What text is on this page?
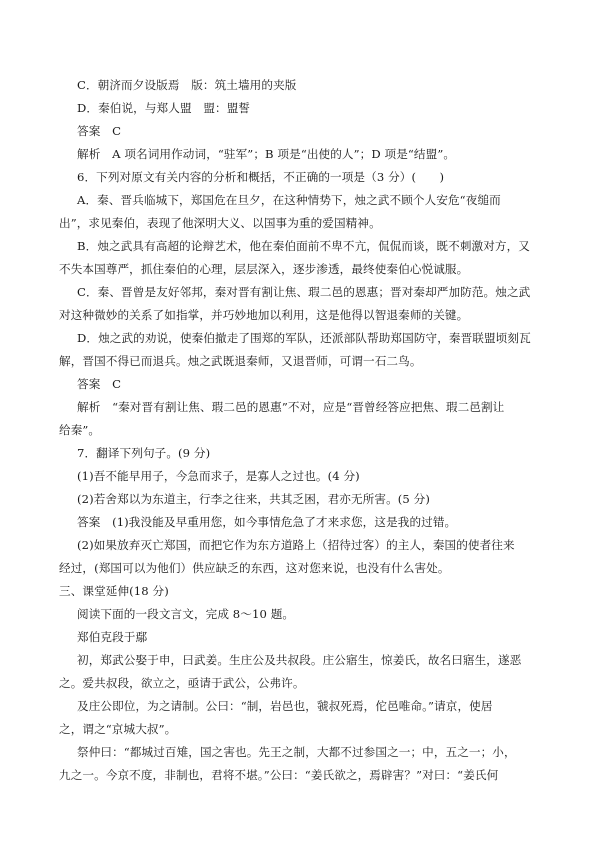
C．朝济而夕设版焉　版：筑土墙用的夹版
D．秦伯说，与郑人盟　盟：盟誓
答案　C
解析　A 项名词用作动词，“驻军”；B 项是“出使的人”；D 项是“结盟”。
6．下列对原文有关内容的分析和概括，不正确的一项是（3 分）(　　)
A．秦、晋兵临城下，郑国危在旦夕，在这种情势下，烛之武不顾个人安危“夜缒而
出”，求见秦伯，表现了他深明大义、以国事为重的爱国精神。
B．烛之武具有高超的论辩艺术，他在秦伯面前不卑不亢，侃侃而谈，既不刺激对方，又
不失本国尊严，抓住秦伯的心理，层层深入，逐步渗透，最终使秦伯心悦诚服。
C．秦、晋曾是友好邻邦，秦对晋有割让焦、瑕二邑的恩惠；晋对秦却严加防范。烛之武
对这种微妙的关系了如指掌，并巧妙地加以利用，这是他得以智退秦师的关键。
D．烛之武的劝说，使秦伯撤走了围郑的军队，还派部队帮助郑国防守，秦晋联盟顷刻瓦
解，晋国不得已而退兵。烛之武既退秦师，又退晋师，可谓一石二鸟。
答案　C
解析　“秦对晋有割让焦、瑕二邑的恩惠”不对，应是“晋曾经答应把焦、瑕二邑割让
给秦”。
7．翻译下列句子。(9 分)
(1)吾不能早用子，今急而求子，是寡人之过也。(4 分)
(2)若舍郑以为东道主，行李之往来，共其乏困，君亦无所害。(5 分)
答案　(1)我没能及早重用您，如今事情危急了才来求您，这是我的过错。
(2)如果放弃灭亡郑国，而把它作为东方道路上（招待过客）的主人，秦国的使者往来
经过，(郑国可以为他们）供应缺乏的东西，这对您来说，也没有什么害处。
三、课堂延伸(18 分)
阅读下面的一段文言文，完成 8～10 题。
郑伯克段于鄢
初，郑武公娶于申，曰武姜。生庄公及共叔段。庄公寤生，惊姜氏，故名曰寤生，遂恶
之。爱共叔段，欲立之，亟请于武公，公弗许。
及庄公即位，为之请制。公曰：“制，岩邑也，虢叔死焉，佗邑唯命。”请京，使居
之，谓之“京城大叔”。
祭仲曰：“都城过百雉，国之害也。先王之制，大都不过参国之一；中，五之一；小，
九之一。今京不度，非制也，君将不堪。”公曰：“姜氏欲之，焉辟害？”对曰：“姜氏何
